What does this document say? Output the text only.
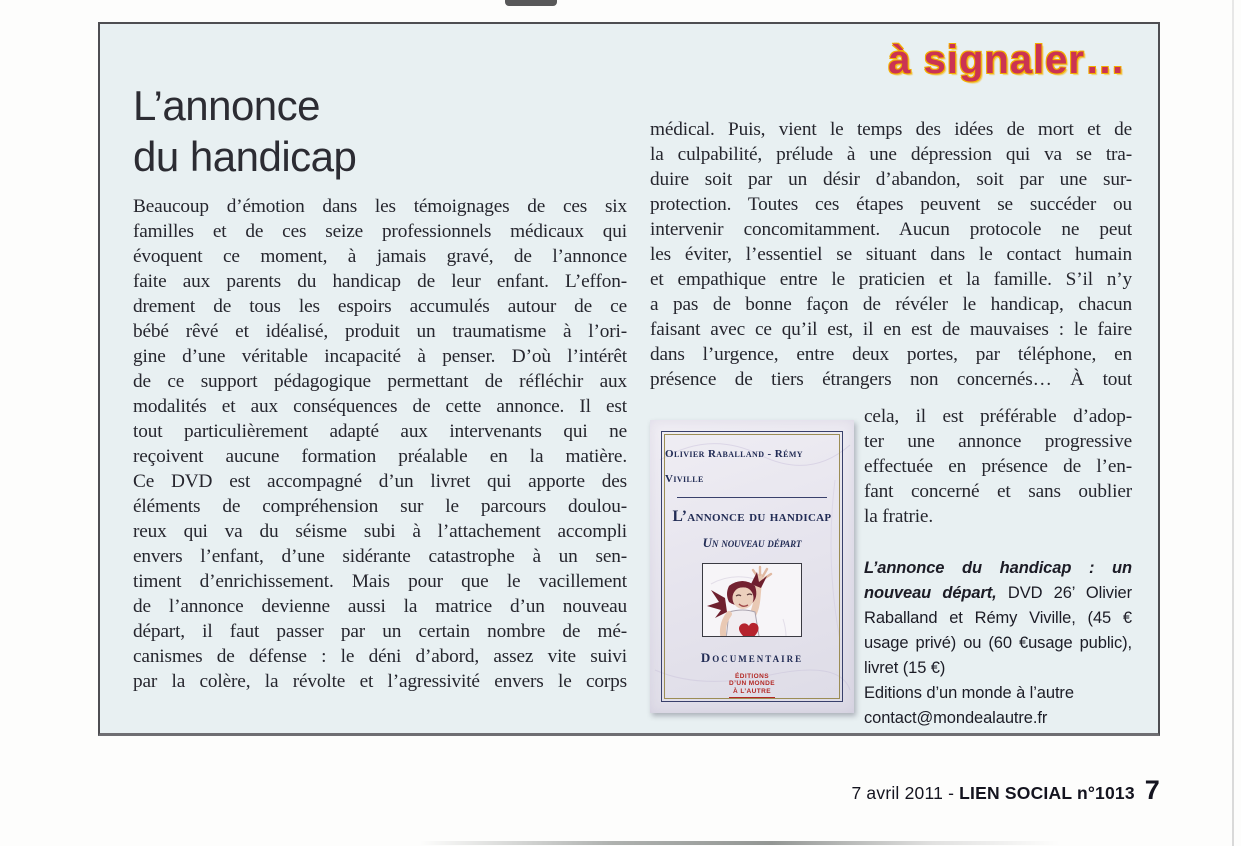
à signaler…
L’annonce
du handicap
Beaucoup d’émotion dans les témoignages de ces six
familles et de ces seize professionnels médicaux qui
évoquent ce moment, à jamais gravé, de l’annonce
faite aux parents du handicap de leur enfant. L’effon-
drement de tous les espoirs accumulés autour de ce
bébé rêvé et idéalisé, produit un traumatisme à l’ori-
gine d’une véritable incapacité à penser. D’où l’intérêt
de ce support pédagogique permettant de réfléchir aux
modalités et aux conséquences de cette annonce. Il est
tout particulièrement adapté aux intervenants qui ne
reçoivent aucune formation préalable en la matière.
Ce DVD est accompagné d’un livret qui apporte des
éléments de compréhension sur le parcours doulou-
reux qui va du séisme subi à l’attachement accompli
envers l’enfant, d’une sidérante catastrophe à un sen-
timent d’enrichissement. Mais pour que le vacillement
de l’annonce devienne aussi la matrice d’un nouveau
départ, il faut passer par un certain nombre de mé-
canismes de défense : le déni d’abord, assez vite suivi
par la colère, la révolte et l’agressivité envers le corps
médical. Puis, vient le temps des idées de mort et de
la culpabilité, prélude à une dépression qui va se tra-
duire soit par un désir d’abandon, soit par une sur-
protection. Toutes ces étapes peuvent se succéder ou
intervenir concomitamment. Aucun protocole ne peut
les éviter, l’essentiel se situant dans le contact humain
et empathique entre le praticien et la famille. S’il n’y
a pas de bonne façon de révéler le handicap, chacun
faisant avec ce qu’il est, il en est de mauvaises : le faire
dans l’urgence, entre deux portes, par téléphone, en
présence de tiers étrangers non concernés… À tout
Olivier Raballand - Rémy Viville
L’annonce du handicap
Un nouveau départ
Documentaire
ÉDITIONS
D’UN MONDE
À L’AUTRE
cela, il est préférable d’adop-
ter une annonce progressive
effectuée en présence de l’en-
fant concerné et sans oublier
la fratrie.

L’annonce du handicap : un nouveau départ, DVD 26’ Olivier Raballand et Rémy Viville, (45 € usage privé) ou (60 €usage public), livret (15 €)

Editions d’un monde à l’autre
contact@mondealautre.fr
7 avril 2011 - LIEN SOCIAL n°1013 7
